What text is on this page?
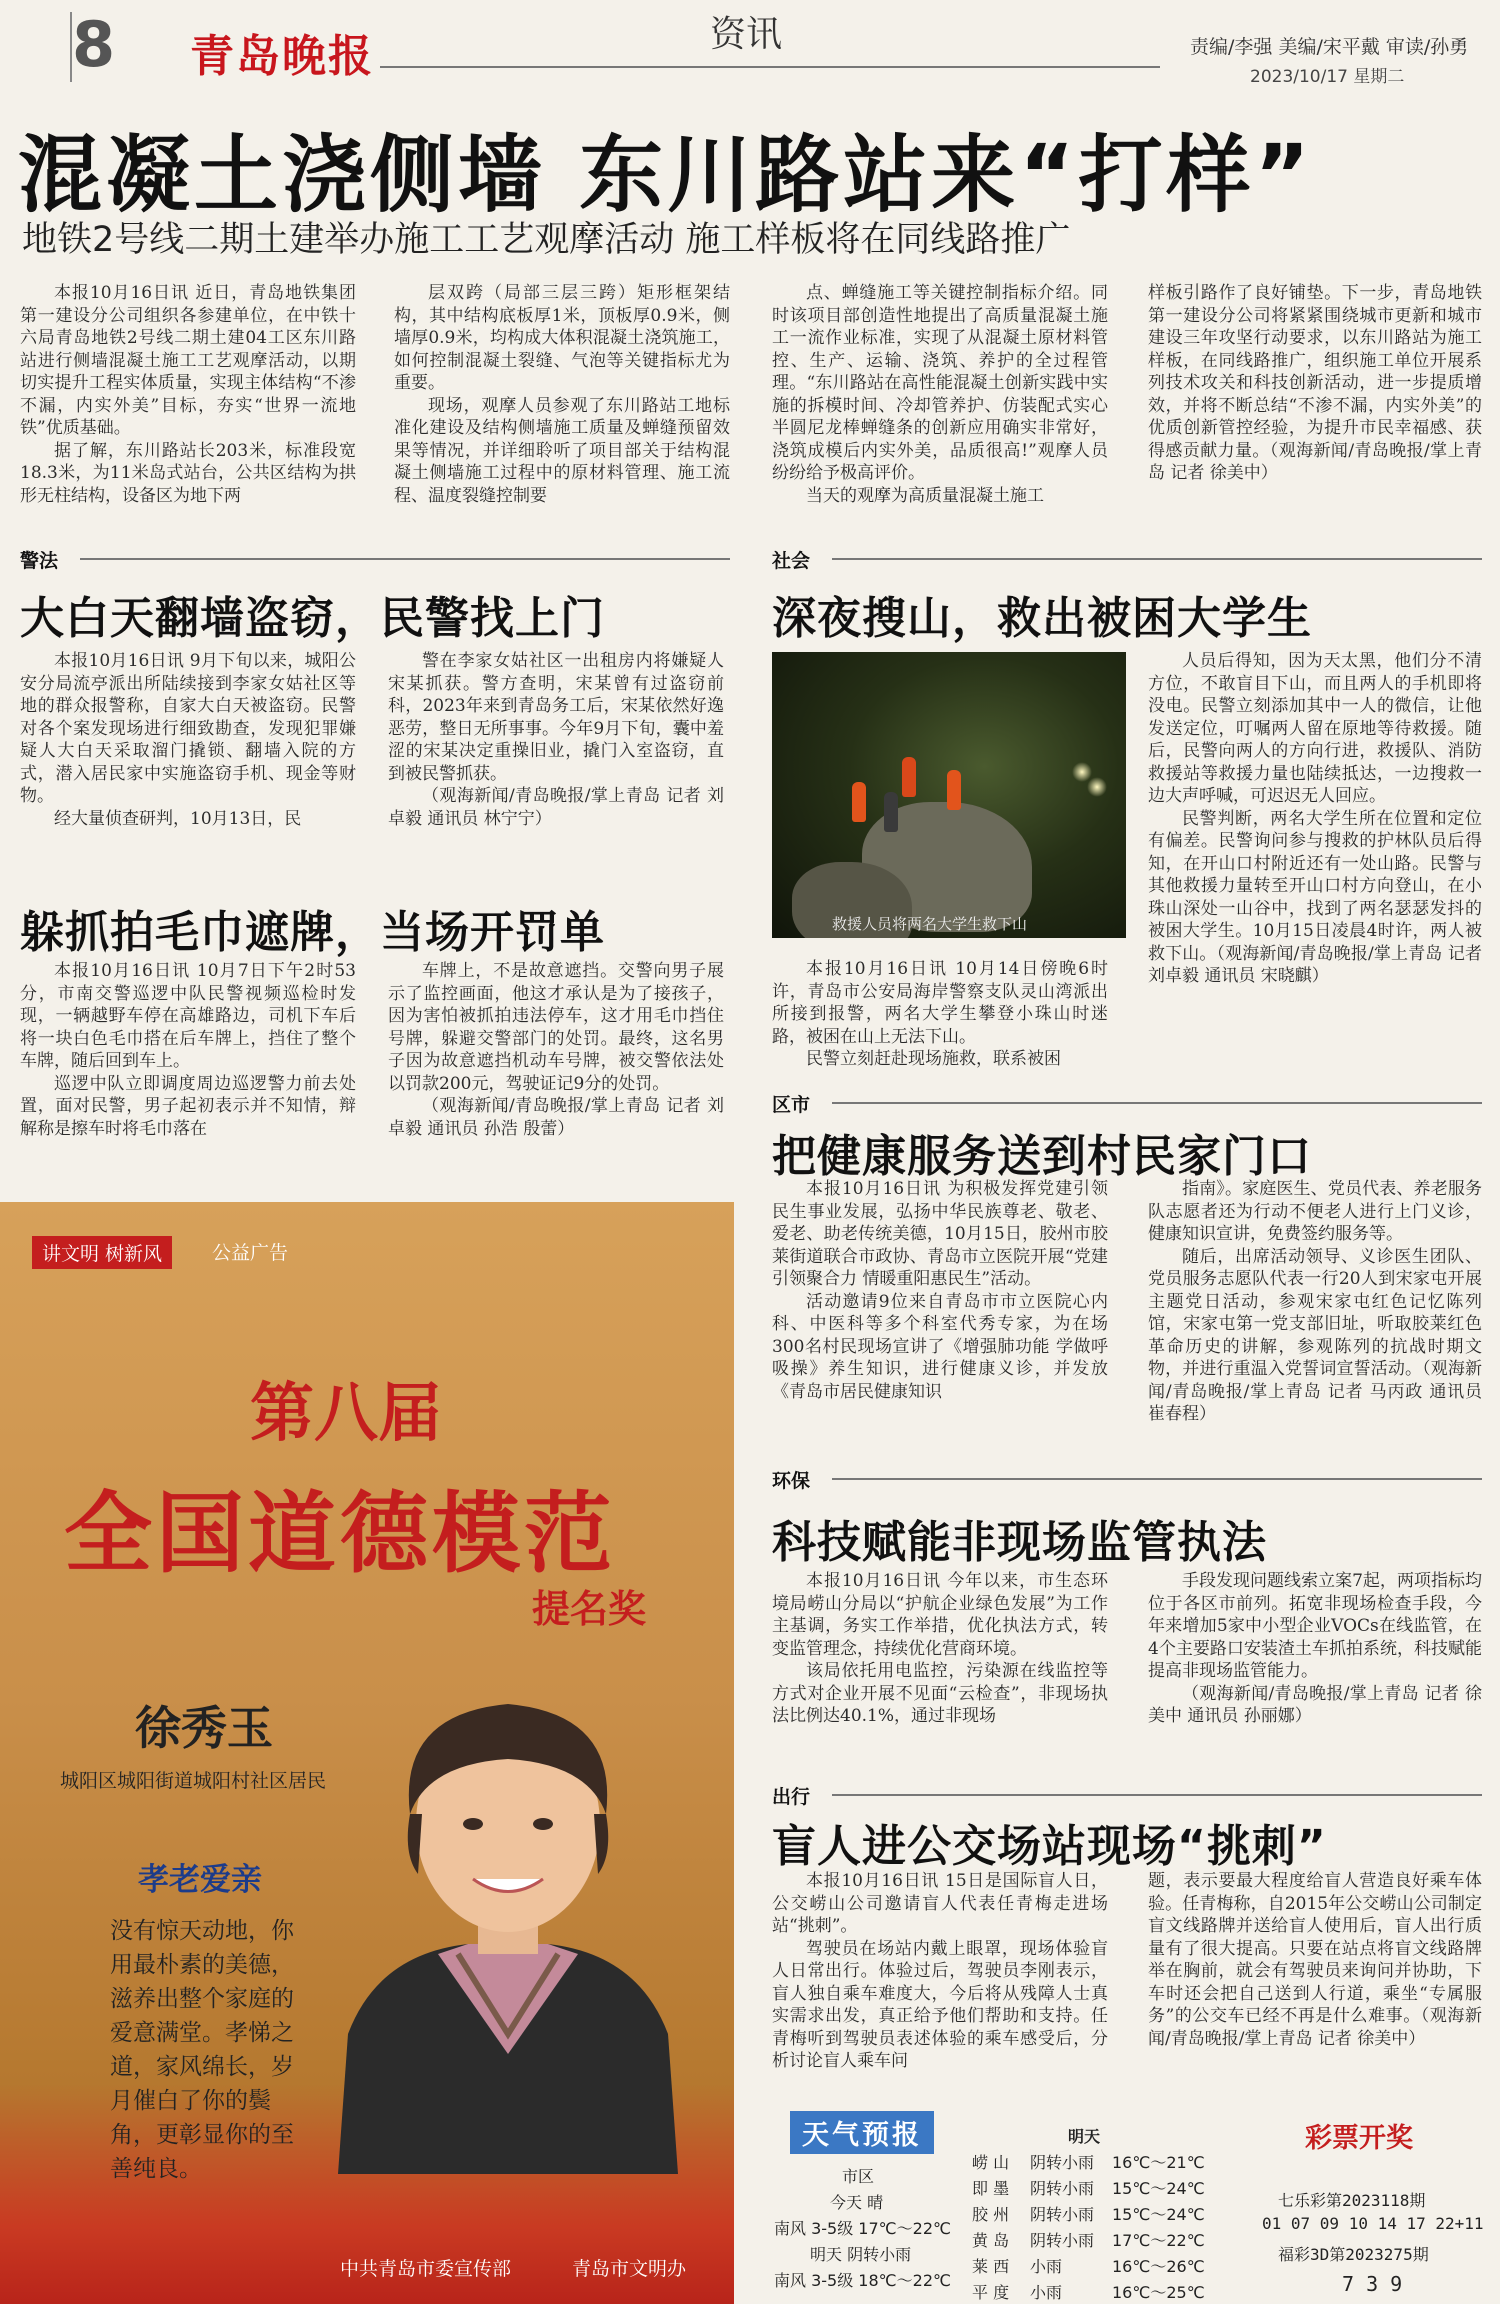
8 青岛晚报	资讯	责编/李强 美编/宋平戴 审读/孙勇
2023/10/17 星期二
混凝土浇侧墙 东川路站来“打样”
地铁2号线二期土建举办施工工艺观摩活动 施工样板将在同线路推广
本报10月16日讯 近日，青岛地铁集团第一建设分公司组织各参建单位，在中铁十六局青岛地铁2号线二期土建04工区东川路站进行侧墙混凝土施工工艺观摩活动，以期切实提升工程实体质量，实现主体结构“不渗不漏，内实外美”目标，夯实“世界一流地铁”优质基础。
据了解，东川路站长203米，标准段宽18.3米，为11米岛式站台，公共区结构为拱形无柱结构，设备区为地下两
层双跨（局部三层三跨）矩形框架结构，其中结构底板厚1米，顶板厚0.9米，侧墙厚0.9米，均构成大体积混凝土浇筑施工，如何控制混凝土裂缝、气泡等关键指标尤为重要。
现场，观摩人员参观了东川路站工地标准化建设及结构侧墙施工质量及蝉缝预留效果等情况，并详细聆听了项目部关于结构混凝土侧墙施工过程中的原材料管理、施工流程、温度裂缝控制要
点、蝉缝施工等关键控制指标介绍。同时该项目部创造性地提出了高质量混凝土施工一流作业标准，实现了从混凝土原材料管控、生产、运输、浇筑、养护的全过程管理。“东川路站在高性能混凝土创新实践中实施的拆模时间、冷却管养护、仿装配式实心半圆尼龙棒蝉缝条的创新应用确实非常好，浇筑成模后内实外美，品质很高!”观摩人员纷纷给予极高评价。
当天的观摩为高质量混凝土施工
样板引路作了良好铺垫。下一步，青岛地铁第一建设分公司将紧紧围绕城市更新和城市建设三年攻坚行动要求，以东川路站为施工样板，在同线路推广，组织施工单位开展系列技术攻关和科技创新活动，进一步提质增效，并将不断总结“不渗不漏，内实外美”的优质创新管控经验，为提升市民幸福感、获得感贡献力量。（观海新闻/青岛晚报/掌上青岛 记者 徐美中）
警法
大白天翻墙盗窃，民警找上门
本报10月16日讯 9月下旬以来，城阳公安分局流亭派出所陆续接到李家女姑社区等地的群众报警称，自家大白天被盗窃。民警对各个案发现场进行细致勘查，发现犯罪嫌疑人大白天采取溜门撬锁、翻墙入院的方式，潜入居民家中实施盗窃手机、现金等财物。
经大量侦查研判，10月13日，民
警在李家女姑社区一出租房内将嫌疑人宋某抓获。警方查明，宋某曾有过盗窃前科，2023年来到青岛务工后，宋某依然好逸恶劳，整日无所事事。今年9月下旬，囊中羞涩的宋某决定重操旧业，撬门入室盗窃，直到被民警抓获。
（观海新闻/青岛晚报/掌上青岛 记者 刘卓毅 通讯员 林宁宁）
躲抓拍毛巾遮牌，当场开罚单
本报10月16日讯 10月7日下午2时53分，市南交警巡逻中队民警视频巡检时发现，一辆越野车停在高雄路边，司机下车后将一块白色毛巾搭在后车牌上，挡住了整个车牌，随后回到车上。
巡逻中队立即调度周边巡逻警力前去处置，面对民警，男子起初表示并不知情，辩解称是擦车时将毛巾落在
车牌上，不是故意遮挡。交警向男子展示了监控画面，他这才承认是为了接孩子，因为害怕被抓拍违法停车，这才用毛巾挡住号牌，躲避交警部门的处罚。最终，这名男子因为故意遮挡机动车号牌，被交警依法处以罚款200元，驾驶证记9分的处罚。
（观海新闻/青岛晚报/掌上青岛 记者 刘卓毅 通讯员 孙浩 殷蕾）
社会
深夜搜山，救出被困大学生
救援人员将两名大学生救下山
人员后得知，因为天太黑，他们分不清方位，不敢盲目下山，而且两人的手机即将没电。民警立刻添加其中一人的微信，让他发送定位，叮嘱两人留在原地等待救援。随后，民警向两人的方向行进，救援队、消防救援站等救援力量也陆续抵达，一边搜救一边大声呼喊，可迟迟无人回应。
民警判断，两名大学生所在位置和定位有偏差。民警询问参与搜救的护林队员后得知，在开山口村附近还有一处山路。民警与其他救援力量转至开山口村方向登山，在小珠山深处一山谷中，找到了两名瑟瑟发抖的被困大学生。10月15日凌晨4时许，两人被救下山。（观海新闻/青岛晚报/掌上青岛 记者 刘卓毅 通讯员 宋晓麒）
本报10月16日讯 10月14日傍晚6时许，青岛市公安局海岸警察支队灵山湾派出所接到报警，两名大学生攀登小珠山时迷路，被困在山上无法下山。
民警立刻赶赴现场施救，联系被困
区市
把健康服务送到村民家门口
本报10月16日讯 为积极发挥党建引领民生事业发展，弘扬中华民族尊老、敬老、爱老、助老传统美德，10月15日，胶州市胶莱街道联合市政协、青岛市立医院开展“党建引领聚合力 情暖重阳惠民生”活动。
活动邀请9位来自青岛市市立医院心内科、中医科等多个科室代秀专家，为在场300名村民现场宣讲了《增强肺功能 学做呼吸操》养生知识，进行健康义诊，并发放《青岛市居民健康知识
指南》。家庭医生、党员代表、养老服务队志愿者还为行动不便老人进行上门义诊，健康知识宣讲，免费签约服务等。
随后，出席活动领导、义诊医生团队、党员服务志愿队代表一行20人到宋家屯开展主题党日活动，参观宋家屯红色记忆陈列馆，宋家屯第一党支部旧址，听取胶莱红色革命历史的讲解，参观陈列的抗战时期文物，并进行重温入党誓词宣誓活动。（观海新闻/青岛晚报/掌上青岛 记者 马丙政 通讯员 崔春程）
环保
科技赋能非现场监管执法
本报10月16日讯 今年以来，市生态环境局崂山分局以“护航企业绿色发展”为工作主基调，务实工作举措，优化执法方式，转变监管理念，持续优化营商环境。
该局依托用电监控，污染源在线监控等方式对企业开展不见面“云检查”，非现场执法比例达40.1%，通过非现场
手段发现问题线索立案7起，两项指标均位于各区市前列。拓宽非现场检查手段，今年来增加5家中小型企业VOCs在线监管，在4个主要路口安装渣土车抓拍系统，科技赋能提高非现场监管能力。
（观海新闻/青岛晚报/掌上青岛 记者 徐美中 通讯员 孙丽娜）
出行
盲人进公交场站现场“挑刺”
本报10月16日讯 15日是国际盲人日，公交崂山公司邀请盲人代表任青梅走进场站“挑刺”。
驾驶员在场站内戴上眼罩，现场体验盲人日常出行。体验过后，驾驶员李刚表示，盲人独自乘车难度大，今后将从残障人士真实需求出发，真正给予他们帮助和支持。任青梅听到驾驶员表述体验的乘车感受后，分析讨论盲人乘车问
题，表示要最大程度给盲人营造良好乘车体验。任青梅称，自2015年公交崂山公司制定盲文线路牌并送给盲人使用后，盲人出行质量有了很大提高。只要在站点将盲文线路牌举在胸前，就会有驾驶员来询问并协助，下车时还会把自己送到人行道，乘坐“专属服务”的公交车已经不再是什么难事。（观海新闻/青岛晚报/掌上青岛 记者 徐美中）
天气预报	明天
市区
今天 晴
南风 3-5级 17℃～22℃
明天 阴转小雨
南风 3-5级 18℃～22℃
崂 山 阴转小雨 16℃～21℃
即 墨 阴转小雨 15℃～24℃
胶 州 阴转小雨 15℃～24℃
黄 岛 阴转小雨 17℃～22℃
莱 西 小雨	16℃～26℃
平 度 小雨	16℃～25℃
彩票开奖
七乐彩第2023118期
01 07 09 10 14 17 22+11
福彩3D第2023275期
7 3 9
讲文明 树新风	公益广告
第八届
全国道德模范
提名奖
徐秀玉
城阳区城阳街道城阳村社区居民
孝老爱亲
没有惊天动地，你用最朴素的美德，滋养出整个家庭的爱意满堂。孝悌之道，家风绵长，岁月催白了你的鬓角，更彰显你的至善纯良。
中共青岛市委宣传部	青岛市文明办
